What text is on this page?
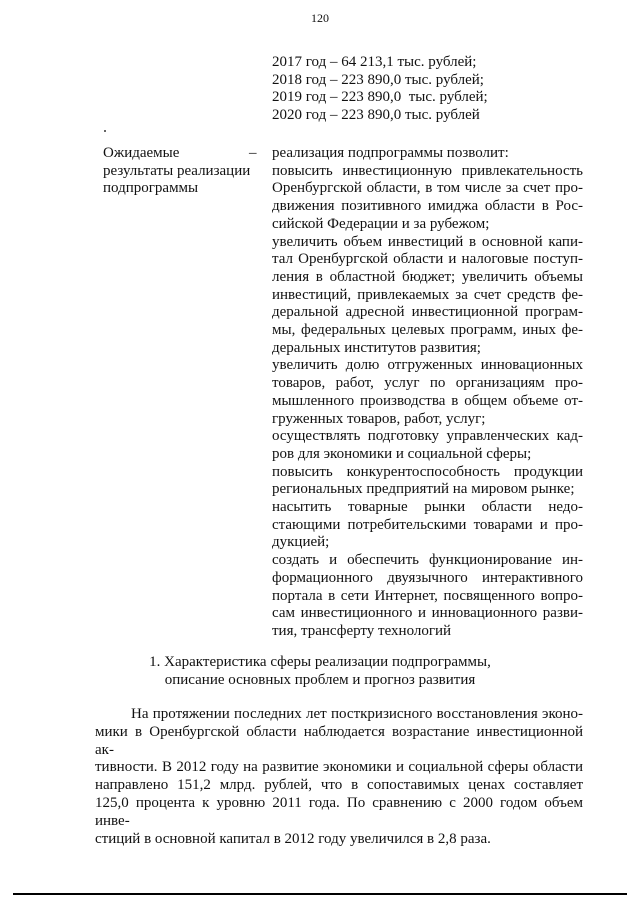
120
2017 год – 64 213,1 тыс. рублей;
2018 год – 223 890,0 тыс. рублей;
2019 год – 223 890,0  тыс. рублей;
2020 год – 223 890,0 тыс. рублей
Ожидаемые
результаты реализации
подпрограммы
– реализация подпрограммы позволит:
повысить инвестиционную привлекательность
Оренбургской области, в том числе за счет про-
движения позитивного имиджа области в Рос-
сийской Федерации и за рубежом;
увеличить объем инвестиций в основной капи-
тал Оренбургской области и налоговые поступ-
ления в областной бюджет; увеличить объемы
инвестиций, привлекаемых за счет средств фе-
деральной адресной инвестиционной програм-
мы, федеральных целевых программ, иных фе-
деральных институтов развития;
увеличить долю отгруженных инновационных
товаров, работ, услуг по организациям про-
мышленного производства в общем объеме от-
груженных товаров, работ, услуг;
осуществлять подготовку управленческих кад-
ров для экономики и социальной сферы;
повысить конкурентоспособность продукции
региональных предприятий на мировом рынке;
насытить товарные рынки области недо-
стающими потребительскими товарами и про-
дукцией;
создать и обеспечить функционирование ин-
формационного двуязычного интерактивного
портала в сети Интернет, посвященного вопро-
сам инвестиционного и инновационного разви-
тия, трансферту технологий
1. Характеристика сферы реализации подпрограммы,
описание основных проблем и прогноз развития
На протяжении последних лет посткризисного восстановления эконо-
мики в Оренбургской области наблюдается возрастание инвестиционной ак-
тивности. В 2012 году на развитие экономики и социальной сферы области
направлено 151,2 млрд. рублей, что в сопоставимых ценах составляет
125,0 процента к уровню 2011 года. По сравнению с 2000 годом объем инве-
стиций в основной капитал в 2012 году увеличился в 2,8 раза.
